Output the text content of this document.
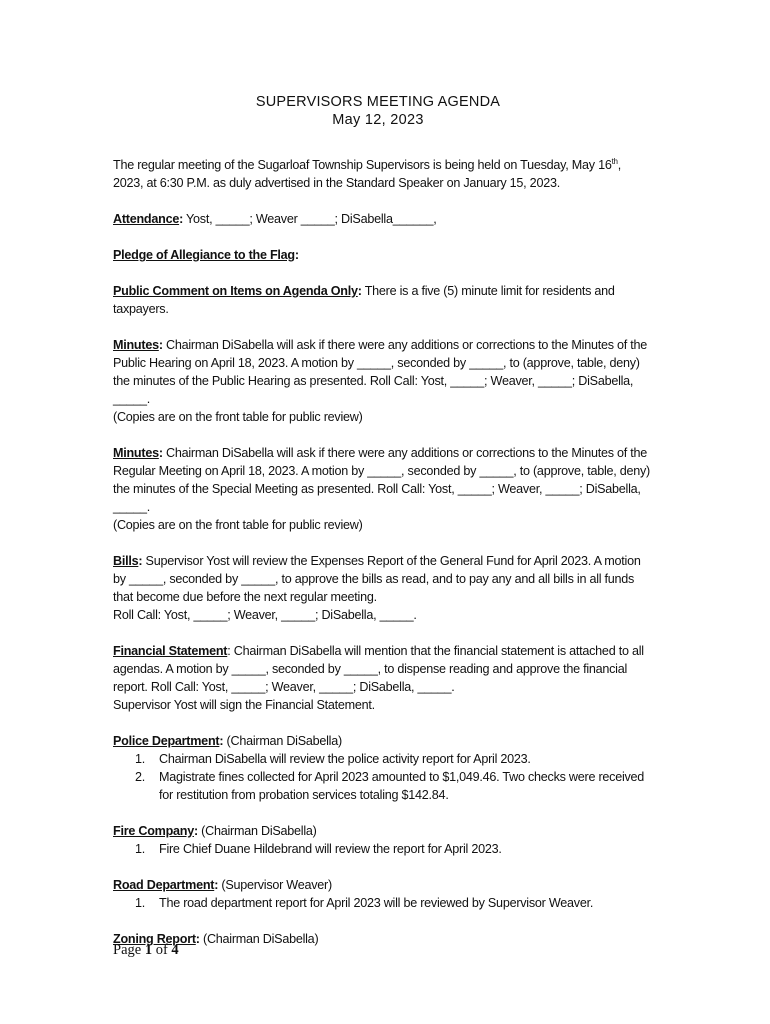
SUPERVISORS MEETING AGENDA
May 12, 2023

The regular meeting of the Sugarloaf Township Supervisors is being held on Tuesday, May 16th, 2023, at 6:30 P.M. as duly advertised in the Standard Speaker on January 15, 2023.

Attendance: Yost, _____; Weaver _____; DiSabella______,

Pledge of Allegiance to the Flag:

Public Comment on Items on Agenda Only: There is a five (5) minute limit for residents and taxpayers.

Minutes: Chairman DiSabella will ask if there were any additions or corrections to the Minutes of the Public Hearing on April 18, 2023. A motion by _____, seconded by _____, to (approve, table, deny) the minutes of the Public Hearing as presented. Roll Call: Yost, _____; Weaver, _____; DiSabella, _____.

(Copies are on the front table for public review)

Minutes: Chairman DiSabella will ask if there were any additions or corrections to the Minutes of the Regular Meeting on April 18, 2023. A motion by _____, seconded by _____, to (approve, table, deny) the minutes of the Special Meeting as presented. Roll Call: Yost, _____; Weaver, _____; DiSabella, _____.

(Copies are on the front table for public review)

Bills: Supervisor Yost will review the Expenses Report of the General Fund for April 2023. A motion by _____, seconded by _____, to approve the bills as read, and to pay any and all bills in all funds that become due before the next regular meeting.

Roll Call: Yost, _____; Weaver, _____; DiSabella, _____.

Financial Statement: Chairman DiSabella will mention that the financial statement is attached to all agendas. A motion by _____, seconded by _____, to dispense reading and approve the financial report. Roll Call: Yost, _____; Weaver, _____; DiSabella, _____.

Supervisor Yost will sign the Financial Statement.

Police Department: (Chairman DiSabella)

1. Chairman DiSabella will review the police activity report for April 2023.
2. Magistrate fines collected for April 2023 amounted to $1,049.46. Two checks were received for restitution from probation services totaling $142.84.

Fire Company: (Chairman DiSabella)

1. Fire Chief Duane Hildebrand will review the report for April 2023.

Road Department: (Supervisor Weaver)

1. The road department report for April 2023 will be reviewed by Supervisor Weaver.

Zoning Report: (Chairman DiSabella)

Page 1 of 4
